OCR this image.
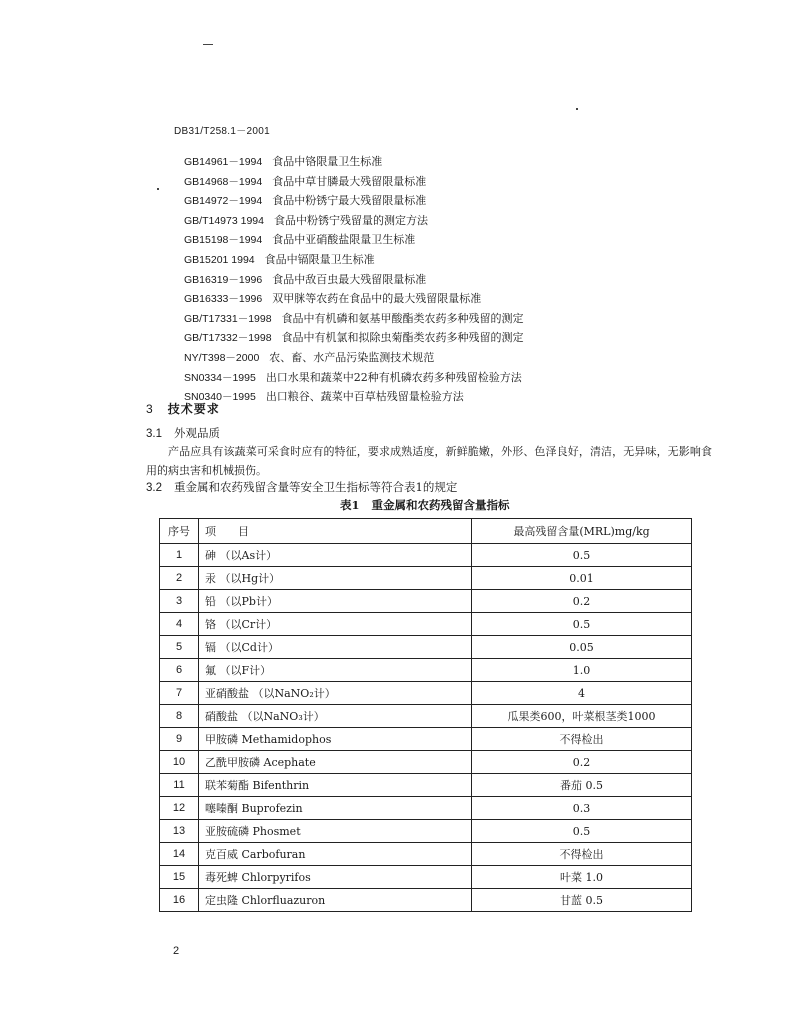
DB31/T258.1－2001
GB14961－1994 食品中铬限量卫生标准
GB14968－1994 食品中草甘膦最大残留限量标准
GB14972－1994 食品中粉锈宁最大残留限量标准
GB/T14973 1994 食品中粉锈宁残留量的测定方法
GB15198－1994 食品中亚硝酸盐限量卫生标准
GB15201 1994 食品中镉限量卫生标准
GB16319－1996 食品中敌百虫最大残留限量标准
GB16333－1996 双甲脒等农药在食品中的最大残留限量标准
GB/T17331－1998 食品中有机磷和氨基甲酸酯类农药多种残留的测定
GB/T17332－1998 食品中有机氯和拟除虫菊酯类农药多种残留的测定
NY/T398－2000 农、畜、水产品污染监测技术规范
SN0334－1995 出口水果和蔬菜中22种有机磷农药多种残留检验方法
SN0340－1995 出口粮谷、蔬菜中百草枯残留量检验方法
3 技术要求
3.1 外观品质
产品应具有该蔬菜可采食时应有的特征，要求成熟适度，新鲜脆嫩，外形、色泽良好，清洁，无异味，无影响食用的病虫害和机械损伤。
3.2 重金属和农药残留含量等安全卫生指标等符合表1的规定
表1 重金属和农药残留含量指标
序号	项　　目	最高残留含量(MRL)mg/kg
1	砷 （以As计）	0.5
2	汞 （以Hg计）	0.01
3	铅 （以Pb计）	0.2
4	铬 （以Cr计）	0.5
5	镉 （以Cd计）	0.05
6	氟 （以F计）	1.0
7	亚硝酸盐 （以NaNO₂计）	4
8	硝酸盐 （以NaNO₃计）	瓜果类600，叶菜根茎类1000
9	甲胺磷 Methamidophos	不得检出
10	乙酰甲胺磷 Acephate	0.2
11	联苯菊酯 Bifenthrin	番茄 0.5
12	噻嗪酮 Buprofezin	0.3
13	亚胺硫磷 Phosmet	0.5
14	克百威 Carbofuran	不得检出
15	毒死蜱 Chlorpyrifos	叶菜 1.0
16	定虫隆 Chlorfluazuron	甘蓝 0.5
2
